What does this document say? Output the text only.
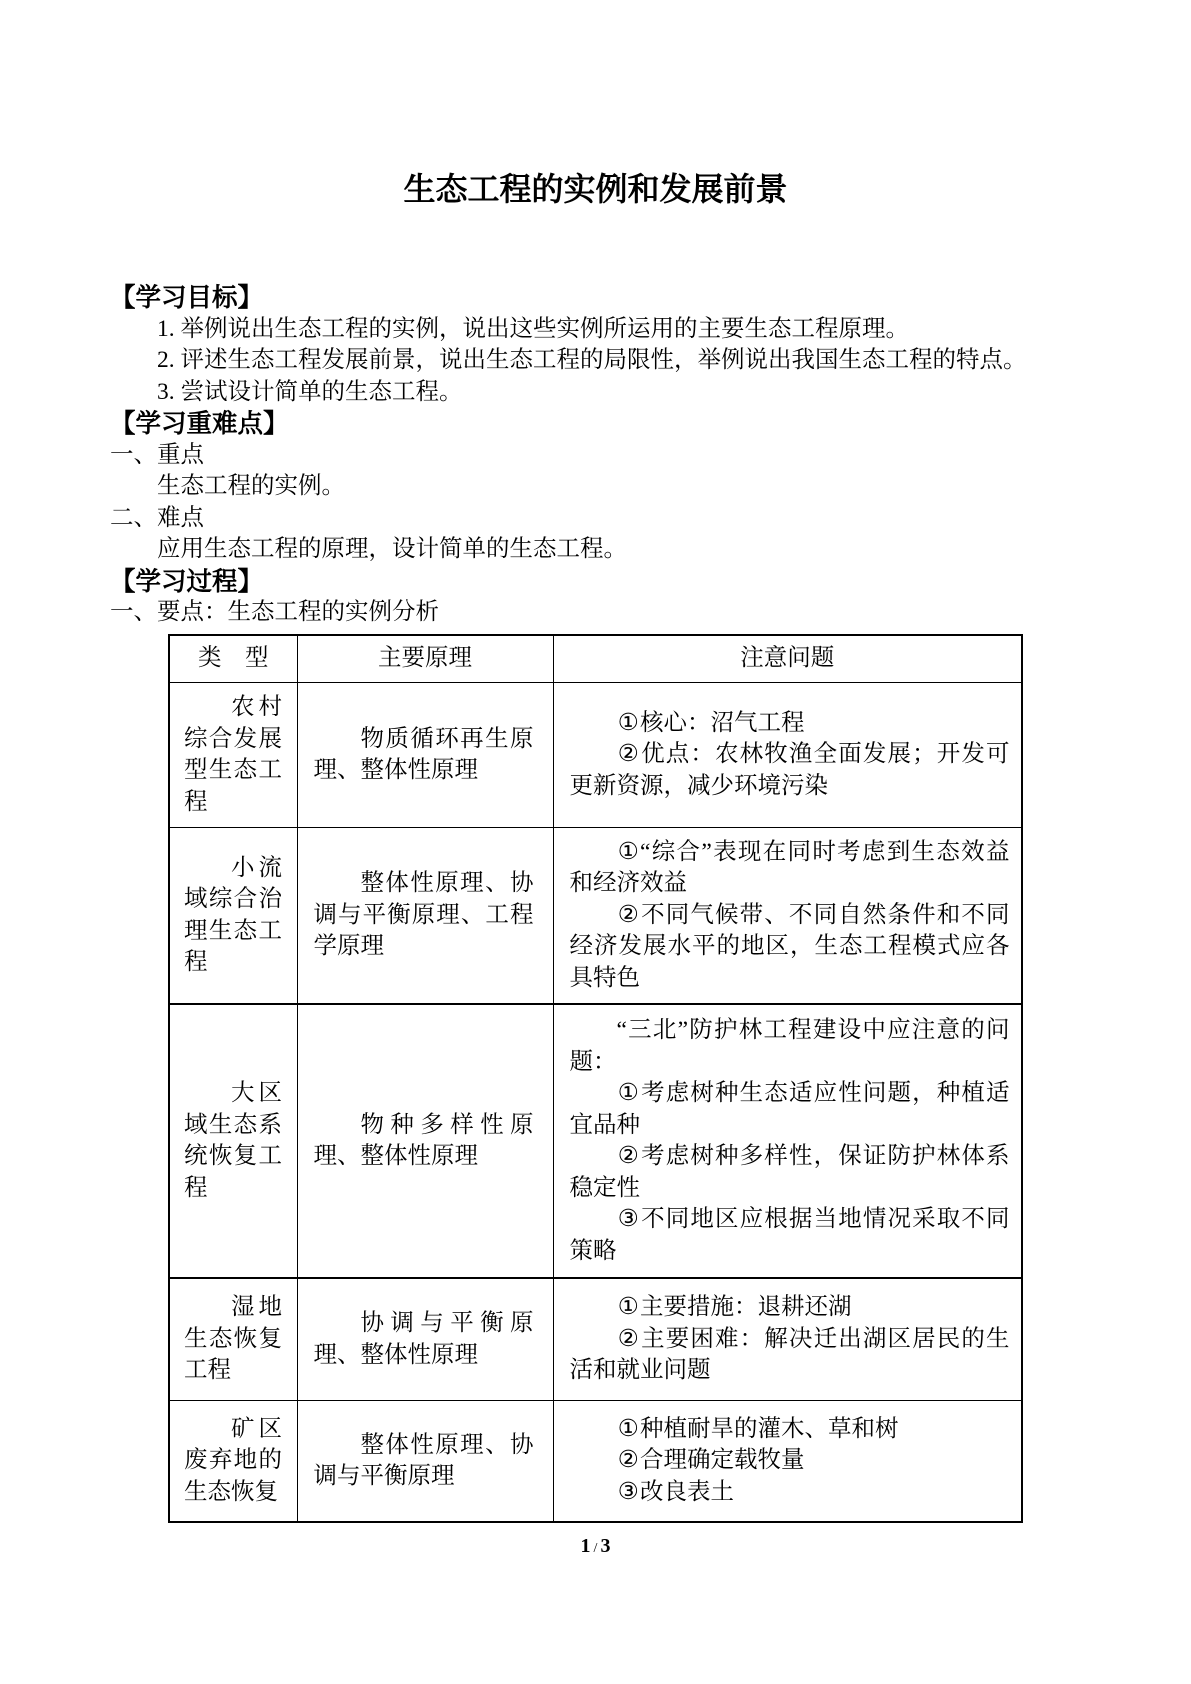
生态工程的实例和发展前景

【学习目标】

1. 举例说出生态工程的实例，说出这些实例所运用的主要生态工程原理。

2. 评述生态工程发展前景，说出生态工程的局限性，举例说出我国生态工程的特点。

3. 尝试设计简单的生态工程。

【学习重难点】

一、重点

生态工程的实例。

二、难点

应用生态工程的原理，设计简单的生态工程。

【学习过程】

一、要点：生态工程的实例分析

类　型	主要原理	注意问题

农村综合发展型生态工程	物质循环再生原理、整体性原理	①核心：沼气工程

②优点：农林牧渔全面发展；开发可更新资源，减少环境污染

小流域综合治理生态工程	整体性原理、协调与平衡原理、工程学原理	①“综合”表现在同时考虑到生态效益和经济效益

②不同气候带、不同自然条件和不同经济发展水平的地区，生态工程模式应各具特色

大区域生态系统恢复工程	物种多样性原理、整体性原理	“三北”防护林工程建设中应注意的问题：

①考虑树种生态适应性问题，种植适宜品种

②考虑树种多样性，保证防护林体系稳定性

③不同地区应根据当地情况采取不同策略

湿地生态恢复工程	协调与平衡原理、整体性原理	①主要措施：退耕还湖

②主要困难：解决迁出湖区居民的生活和就业问题

矿区废弃地的生态恢复	整体性原理、协调与平衡原理	①种植耐旱的灌木、草和树

②合理确定载牧量

③改良表土

1 / 3
